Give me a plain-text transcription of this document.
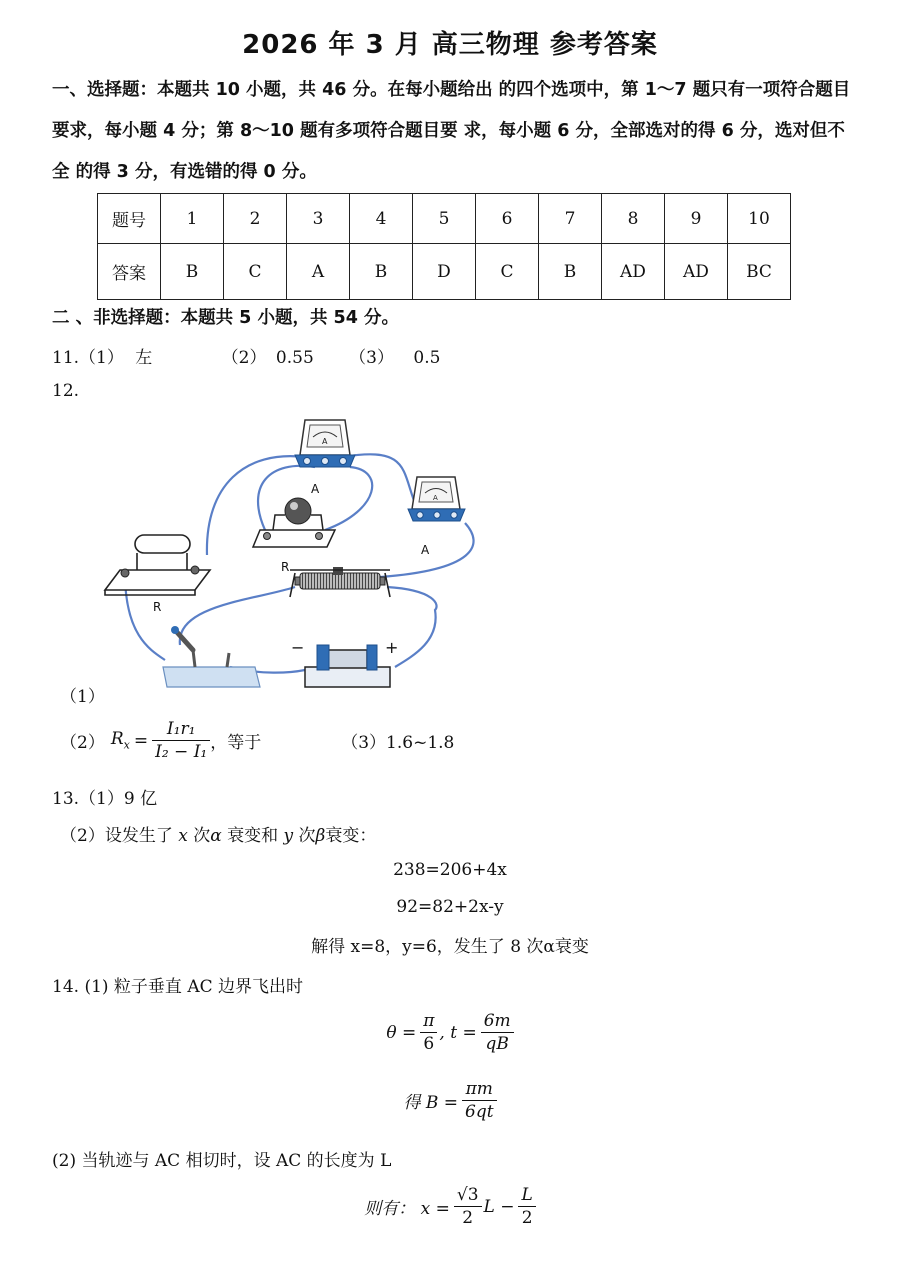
2026 年 3 月 高三物理 参考答案
一、选择题：本题共 10 小题，共 46 分。在每小题给出 的四个选项中，第 1～7 题只有一项符合题目要求，每小题 4 分；第 8～10 题有多项符合题目要 求，每小题 6 分，全部选对的得 6 分，选对但不全 的得 3 分，有选错的得 0 分。
题号	1	2	3	4	5	6	7	8	9	10
答案	B	C	A	B	D	C	B	AD	AD	BC
二 、非选择题：本题共 5 小题，共 54 分。
11.（1） 左	（2） 0.55 （3） 0.5
12.
A
A
A
A
R
R
−	+
（1）
（2） $R_x = \frac{\text{I₁r₁}}{\text{I₂ − I₁}}$ ，等于	（3）1.6~1.8
13.（1）9 亿
（2）设发生了 x 次α 衰变和 y 次β衰变：
238=206+4x
92=82+2x-y
解得 x=8，y=6，发生了 8 次α衰变
14. (1) 粒子垂直 AC 边界飞出时
$\theta = \frac{\pi}{6}$ , $t = \frac{6m}{qB}$
得 $B = \frac{\pi m}{6qt}$
(2) 当轨迹与 AC 相切时，设 AC 的长度为 L
则有： $x = \frac{√3}{2}$ $L - \frac{L}{2}$
